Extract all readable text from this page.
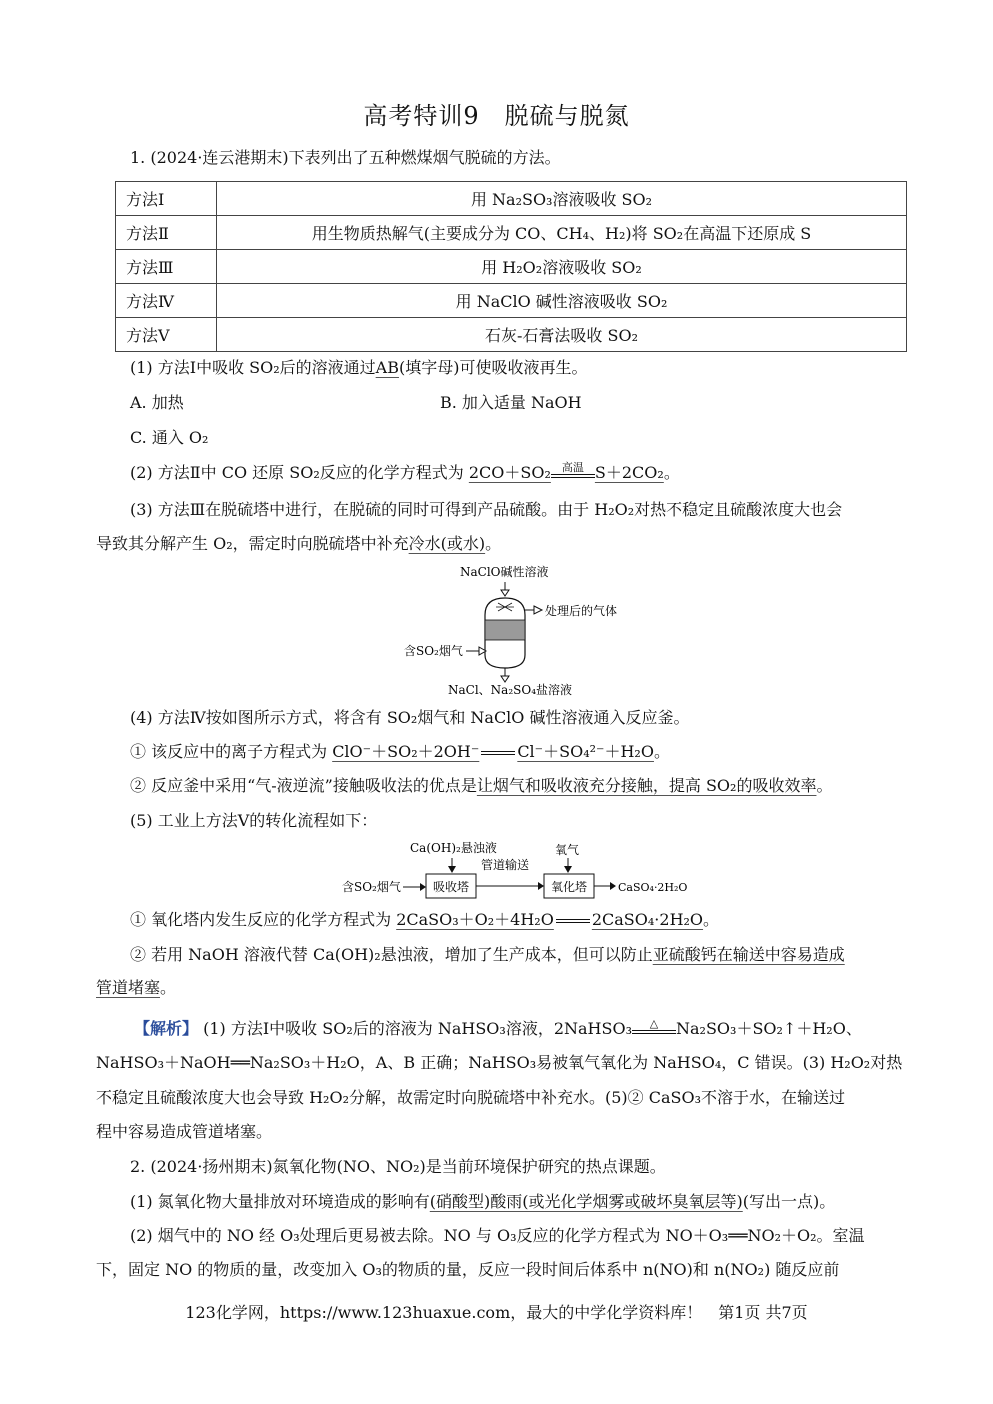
高考特训9　脱硫与脱氮
1. (2024·连云港期末)下表列出了五种燃煤烟气脱硫的方法。
方法Ⅰ	用 Na₂SO₃溶液吸收 SO₂
方法Ⅱ	用生物质热解气(主要成分为 CO、CH₄、H₂)将 SO₂在高温下还原成 S
方法Ⅲ	用 H₂O₂溶液吸收 SO₂
方法Ⅳ	用 NaClO 碱性溶液吸收 SO₂
方法Ⅴ	石灰-石膏法吸收 SO₂
(1) 方法Ⅰ中吸收 SO₂后的溶液通过AB(填字母)可使吸收液再生。
A. 加热	B. 加入适量 NaOH
C. 通入 O₂
(2) 方法Ⅱ中 CO 还原 SO₂反应的化学方程式为 2CO＋SO₂	高温 S＋2CO₂。
(3) 方法Ⅲ在脱硫塔中进行，在脱硫的同时可得到产品硫酸。由于 H₂O₂对热不稳定且硫酸浓度大也会
导致其分解产生 O₂，需定时向脱硫塔中补充冷水(或水)。
NaClO碱性溶液
处理后的气体
含SO₂烟气
NaCl、Na₂SO₄盐溶液
(4) 方法Ⅳ按如图所示方式，将含有 SO₂烟气和 NaClO 碱性溶液通入反应釜。
① 该反应中的离子方程式为 ClO⁻＋SO₂＋2OH⁻ Cl⁻＋SO₄²⁻＋H₂O。
② 反应釜中采用“气-液逆流”接触吸收法的优点是让烟气和吸收液充分接触，提高 SO₂的吸收效率。
(5) 工业上方法Ⅴ的转化流程如下：
Ca(OH)₂悬浊液	氧气
含SO₂烟气	吸收塔
管道输送
氧化塔	CaSO₄·2H₂O
① 氧化塔内发生反应的化学方程式为 2CaSO₃＋O₂＋4H₂O 2CaSO₄·2H₂O。
② 若用 NaOH 溶液代替 Ca(OH)₂悬浊液，增加了生产成本，但可以防止亚硫酸钙在输送中容易造成
管道堵塞。
【解析】 (1) 方法Ⅰ中吸收 SO₂后的溶液为 NaHSO₃溶液，2NaHSO₃	△	Na₂SO₃＋SO₂↑＋H₂O、
NaHSO₃＋NaOH══Na₂SO₃＋H₂O，A、B 正确；NaHSO₃易被氧气氧化为 NaHSO₄，C 错误。(3) H₂O₂对热
不稳定且硫酸浓度大也会导致 H₂O₂分解，故需定时向脱硫塔中补充水。(5)② CaSO₃不溶于水，在输送过
程中容易造成管道堵塞。
2. (2024·扬州期末)氮氧化物(NO、NO₂)是当前环境保护研究的热点课题。
(1) 氮氧化物大量排放对环境造成的影响有(硝酸型)酸雨(或光化学烟雾或破坏臭氧层等)(写出一点)。
(2) 烟气中的 NO 经 O₃处理后更易被去除。NO 与 O₃反应的化学方程式为 NO＋O₃══NO₂＋O₂。室温
下，固定 NO 的物质的量，改变加入 O₃的物质的量，反应一段时间后体系中 n(NO)和 n(NO₂) 随反应前
123化学网，https://www.123huaxue.com，最大的中学化学资料库！　第1页 共7页
